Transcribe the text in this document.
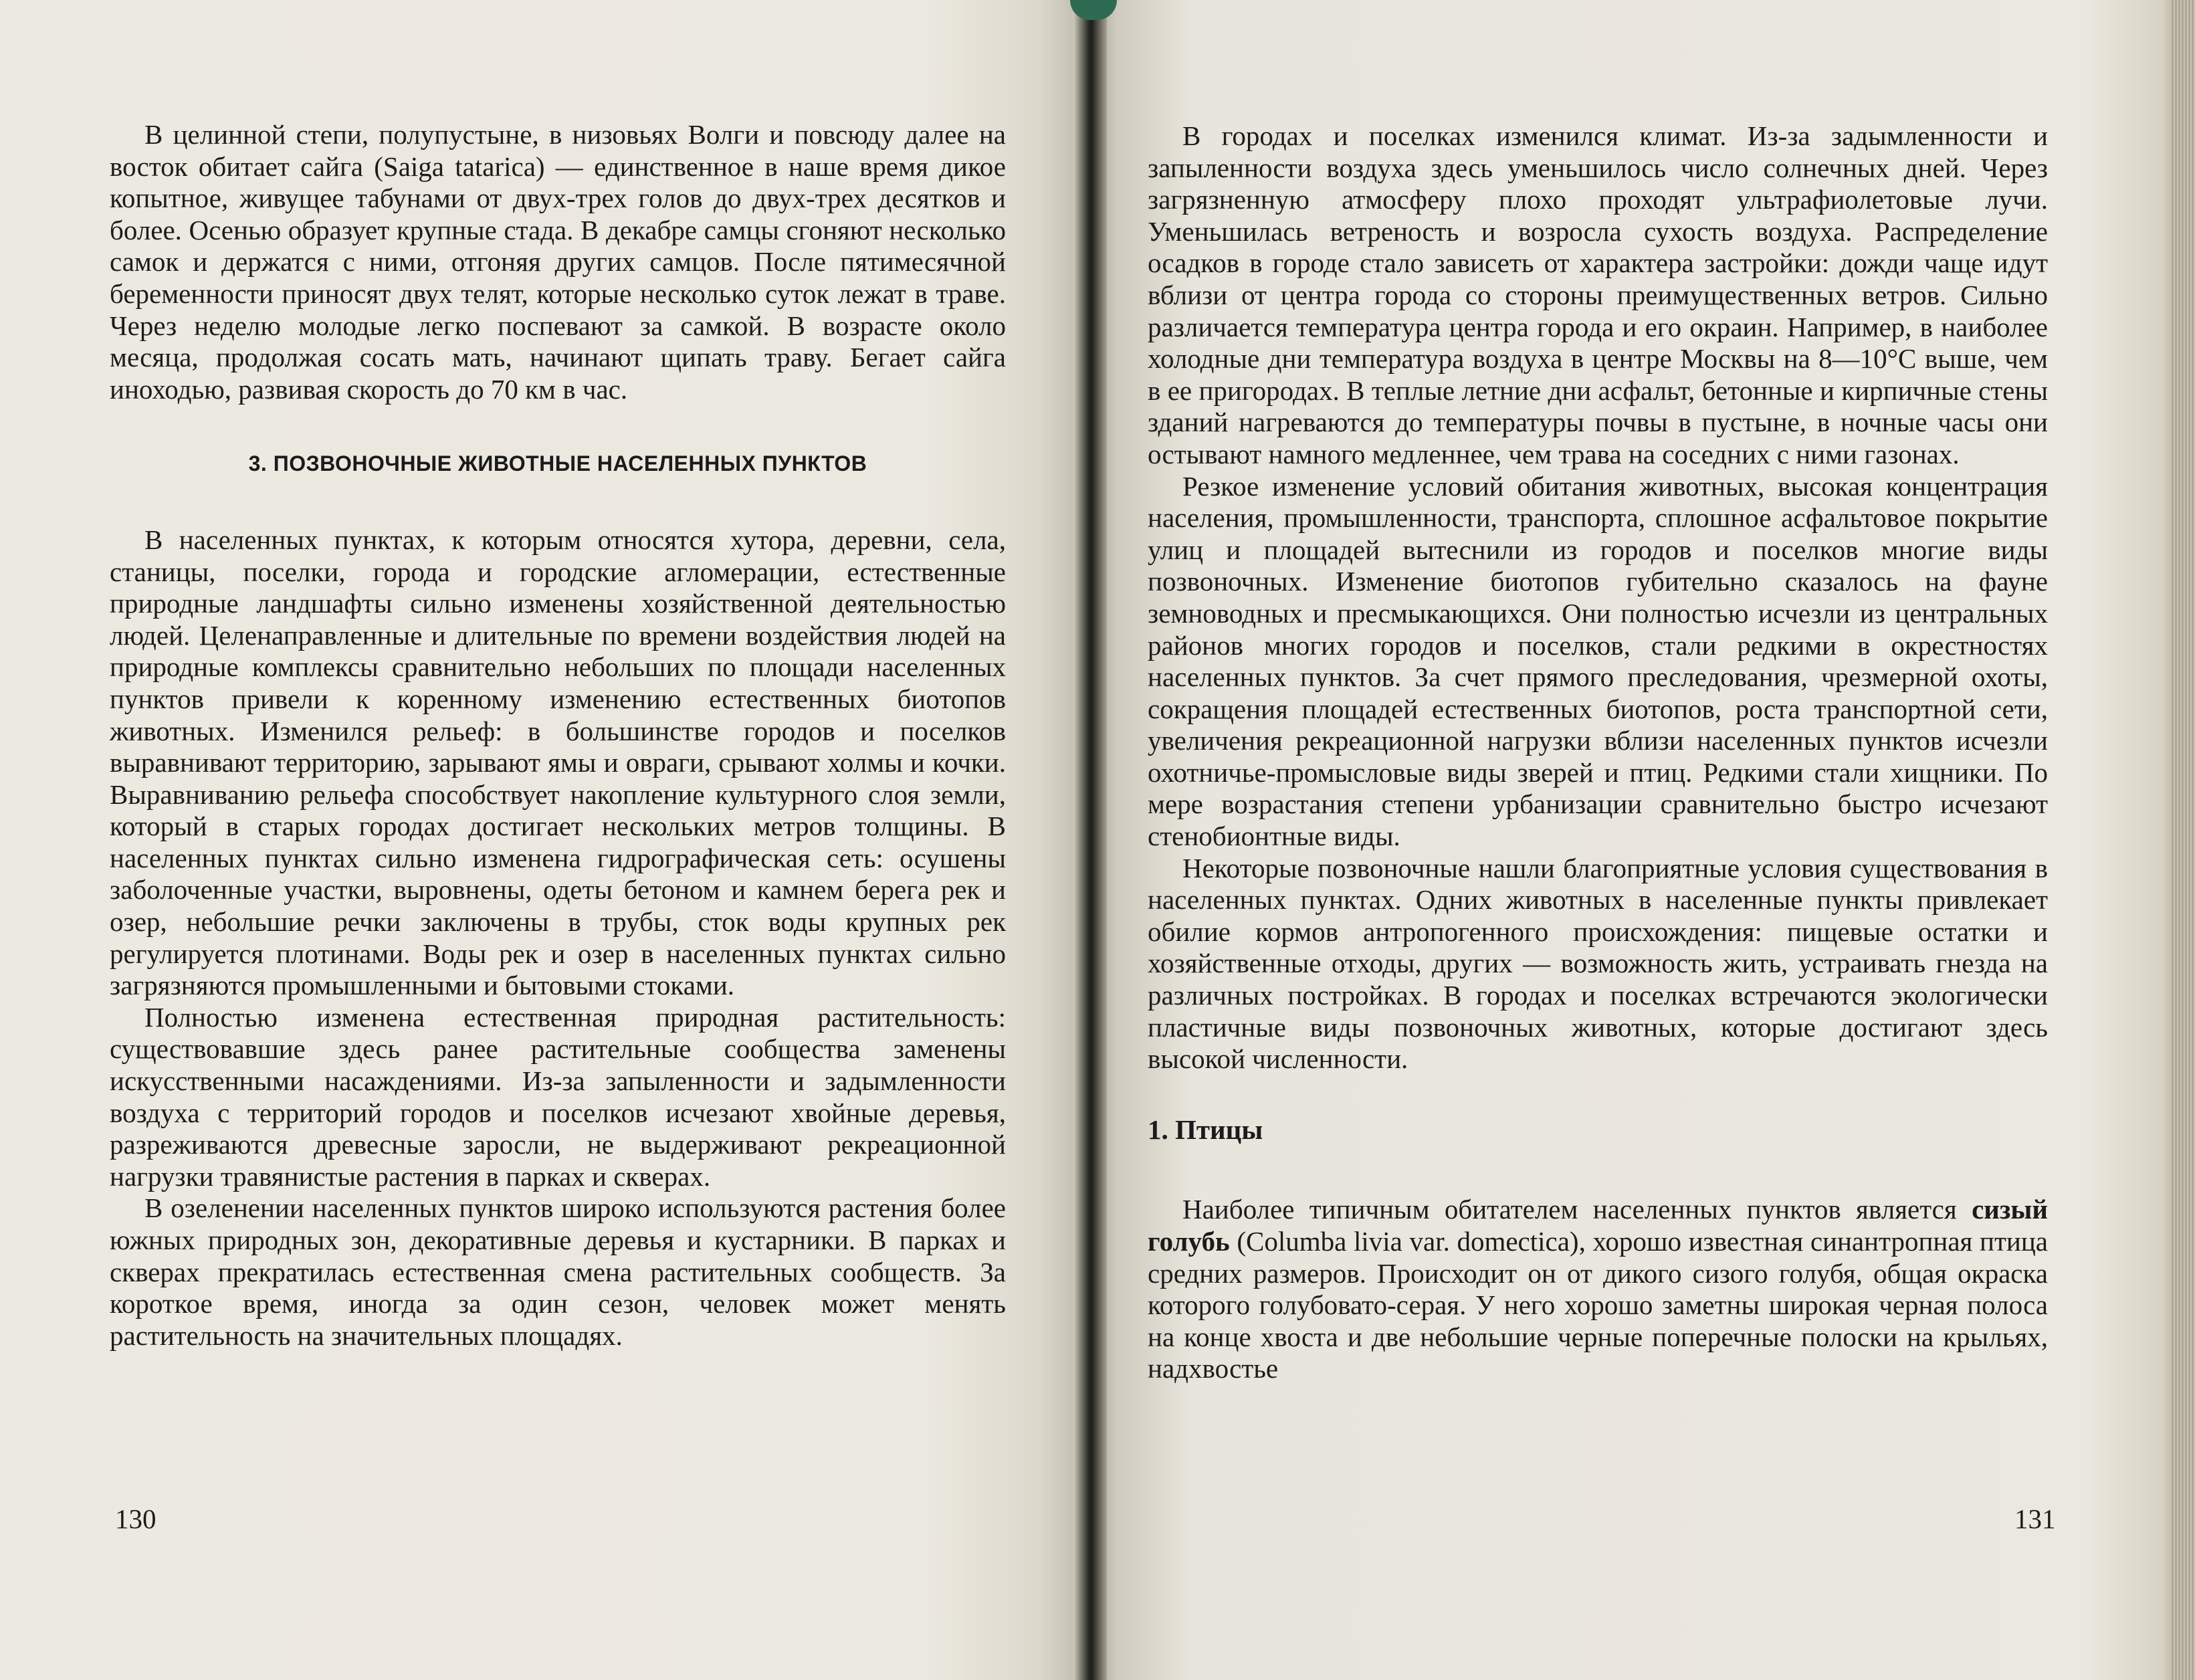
В целинной степи, полупустыне, в низовьях Волги и повсюду далее на восток обитает сайга (Saiga tatarica) — единственное в наше время дикое копытное, живущее табунами от двух-трех голов до двух-трех десятков и более. Осенью образует крупные стада. В декабре самцы сгоняют несколько самок и держатся с ними, отгоняя других самцов. После пятимесячной беременности приносят двух телят, которые несколько суток лежат в траве. Через неделю молодые легко поспевают за самкой. В возрасте около месяца, продолжая сосать мать, начинают щипать траву. Бегает сайга иноходью, развивая скорость до 70 км в час.

3. ПОЗВОНОЧНЫЕ ЖИВОТНЫЕ НАСЕЛЕННЫХ ПУНКТОВ

В населенных пунктах, к которым относятся хутора, деревни, села, станицы, поселки, города и городские агломерации, естественные природные ландшафты сильно изменены хозяйственной деятельностью людей. Целенаправленные и длительные по времени воздействия людей на природные комплексы сравнительно небольших по площади населенных пунктов привели к коренному изменению естественных биотопов животных. Изменился рельеф: в большинстве городов и поселков выравнивают территорию, зарывают ямы и овраги, срывают холмы и кочки. Выравниванию рельефа способствует накопление культурного слоя земли, который в старых городах достигает нескольких метров толщины. В населенных пунктах сильно изменена гидрографическая сеть: осушены заболоченные участки, выровнены, одеты бетоном и камнем берега рек и озер, небольшие речки заключены в трубы, сток воды крупных рек регулируется плотинами. Воды рек и озер в населенных пунктах сильно загрязняются промышленными и бытовыми стоками.

Полностью изменена естественная природная растительность: существовавшие здесь ранее растительные сообщества заменены искусственными насаждениями. Из-за запыленности и задымленности воздуха с территорий городов и поселков исчезают хвойные деревья, разреживаются древесные заросли, не выдерживают рекреационной нагрузки травянистые растения в парках и скверах.

В озеленении населенных пунктов широко используются растения более южных природных зон, декоративные деревья и кустарники. В парках и скверах прекратилась естественная смена растительных сообществ. За короткое время, иногда за один сезон, человек может менять растительность на значительных площадях.

130

В городах и поселках изменился климат. Из-за задымленности и запыленности воздуха здесь уменьшилось число солнечных дней. Через загрязненную атмосферу плохо проходят ультрафиолетовые лучи. Уменьшилась ветреность и возросла сухость воздуха. Распределение осадков в городе стало зависеть от характера застройки: дожди чаще идут вблизи от центра города со стороны преимущественных ветров. Сильно различается температура центра города и его окраин. Например, в наиболее холодные дни температура воздуха в центре Москвы на 8—10°С выше, чем в ее пригородах. В теплые летние дни асфальт, бетонные и кирпичные стены зданий нагреваются до температуры почвы в пустыне, в ночные часы они остывают намного медленнее, чем трава на соседних с ними газонах.

Резкое изменение условий обитания животных, высокая концентрация населения, промышленности, транспорта, сплошное асфальтовое покрытие улиц и площадей вытеснили из городов и поселков многие виды позвоночных. Изменение биотопов губительно сказалось на фауне земноводных и пресмыкающихся. Они полностью исчезли из центральных районов многих городов и поселков, стали редкими в окрестностях населенных пунктов. За счет прямого преследования, чрезмерной охоты, сокращения площадей естественных биотопов, роста транспортной сети, увеличения рекреационной нагрузки вблизи населенных пунктов исчезли охотничье-промысловые виды зверей и птиц. Редкими стали хищники. По мере возрастания степени урбанизации сравнительно быстро исчезают стенобионтные виды.

Некоторые позвоночные нашли благоприятные условия существования в населенных пунктах. Одних животных в населенные пункты привлекает обилие кормов антропогенного происхождения: пищевые остатки и хозяйственные отходы, других — возможность жить, устраивать гнезда на различных постройках. В городах и поселках встречаются экологически пластичные виды позвоночных животных, которые достигают здесь высокой численности.

1. Птицы

Наиболее типичным обитателем населенных пунктов является сизый голубь (Columba livia var. domectica), хорошо известная синантропная птица средних размеров. Происходит он от дикого сизого голубя, общая окраска которого голубовато-серая. У него хорошо заметны широкая черная полоса на конце хвоста и две небольшие черные поперечные полоски на крыльях, надхвостье

131
